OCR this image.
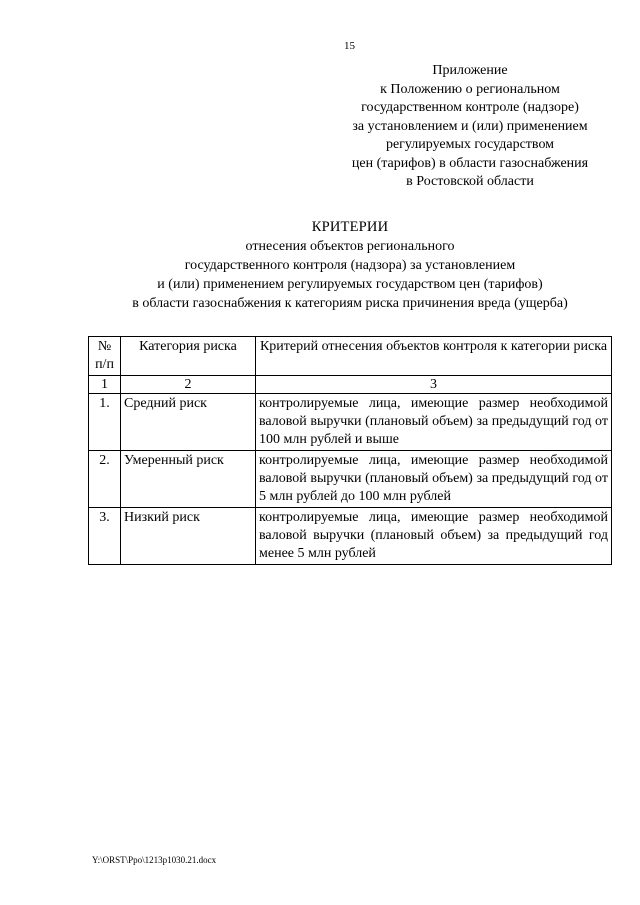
15
Приложение
к Положению о региональном
государственном контроле (надзоре)
за установлением и (или) применением
регулируемых государством
цен (тарифов) в области газоснабжения
в Ростовской области
КРИТЕРИИ
отнесения объектов регионального
государственного контроля (надзора) за установлением
и (или) применением регулируемых государством цен (тарифов)
в области газоснабжения к категориям риска причинения вреда (ущерба)
№ п/п	Категория риска	Критерий отнесения объектов контроля к категории риска
1	2	3
1.	Средний риск	контролируемые лица, имеющие размер необходимой валовой выручки (плановый объем) за предыдущий год от 100 млн рублей и выше
2.	Умеренный риск	контролируемые лица, имеющие размер необходимой валовой выручки (плановый объем) за предыдущий год от 5 млн рублей до 100 млн рублей
3.	Низкий риск	контролируемые лица, имеющие размер необходимой валовой выручки (плановый объем) за предыдущий год менее 5 млн рублей
Y:\ORST\Ppo\1213p1030.21.docx
